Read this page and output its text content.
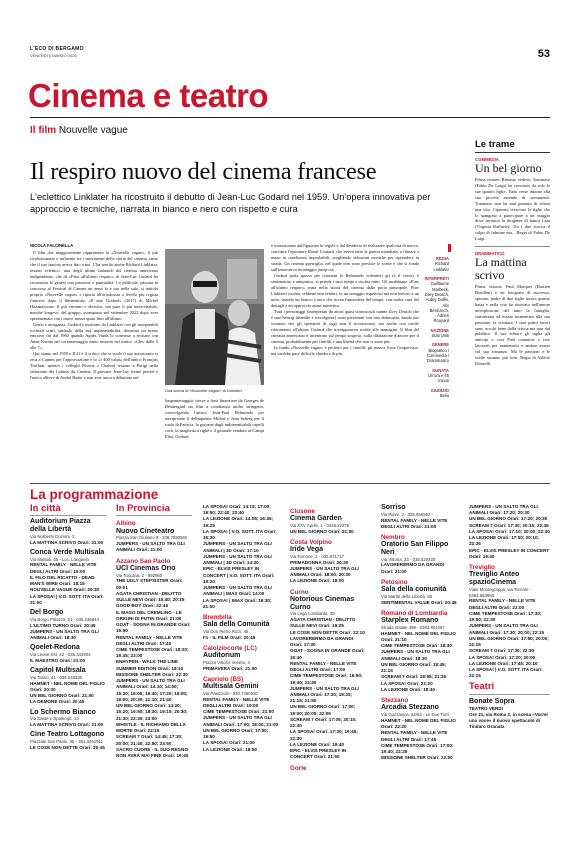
L'ECO DI BERGAMO
VENERDÌ 6 MARZO 2026	53
Cinema e teatro
Il film Nouvelle vague
Il respiro nuovo del cinema francese
L'eclettico Linklater ha ricostruito il debutto di Jean-Luc Godard nel 1959. Un'opera innovativa per approccio e tecniche, narrata in bianco e nero con rispetto e cura
NICOLA FALCINELLA

Il film che maggiormente rappresenta la «Nouvelle vague», il più rivoluzionario e influente tra i movimenti della storia del cinema, tanto che il suo fascino arriva fino a noi. L'ha sentito anche Richard Linklater, texano eclettico, uno degli ultimi baluardi del cinema americano indipendente, che di «Fino all'ultimo respiro» di Jean-Luc Godard ha ricostruito la genesi con passione e puntualità. La pellicola, passata in concorso al Festival di Cannes un anno fa e ora nelle sale, si intitola proprio «Nouvelle vague» e riporta all'ortodossia a livello più regista francese dopo il dimenticato «Il mio Godard» (2017) di Michel Hazanavicius. Il più estremo e divisivo, ma pure il più intercettabile, nonché longevo, del gruppo, scomparso nel settembre 2022 dopo aver sperimentato con i nuovi mezzi quasi fino all'ultimo.

Genio e arroganza, Godard è mostrato da Linklater con gli inseparabili occhiali scuri, simbolo della sua impenetrabilità, diventati un brano emotivo fin dal 1960 quando Agnès Varda lo convinse a recitare con Anna Karina nel cortometraggio muto inserito nel mitico «Cleo dalle 5 alle 7».

Qui siamo nel 1959 e JLG è il critico che si vuole il suo autoritratto si reca a Cannes per l'approvazione e lo «I 400 colpi» dell'amico François Truffaut, mentre i colleghi Rivette e Chabrol restano a Parigi nella redazione dei Cahiers du Cinéma. Il giovane Jean-Luc freme perché è l'unico allievo di André Bazin a non aver ancora debuttato nel

Una scena di «Nouvelle vague» di Linklater

lungometraggio: riesce a farsi finanziare da Georges de Beauregard un film a condizioni molto stringenti, coinvolgendo l'amico Jean-Paul Belmondo per interpretare il delinquente Michel e Jean Seberg per il ruolo di Patricia, la giovane dagli indimenticabili capelli corti, la maglietta a righe e il giornale venduto ai Campi Elisi. Godard

è ossessionato dall'ignorare le regole e dal desiderio di realizzare qualcosa di nuovo, convince l'operatore Raoul Coutard, che aveva fatto la guerra mondiale, a filmare a mano in condizioni improbabili, scegliendo soluzioni tecniche per riprendere in strada. Un cinema guerriglia, nel quale non sono previste le scene e che si fonda sull'innovativo montaggio jump-cut.

Godard parla spesso per citazioni (e Belmondo volentieri gli fa il verso), è sentenzioso e antipatico, si prende i suoi tempi e rischia tutto. Gli arrabbiano «Fino all'ultimo respiro» entra nella storia del cinema dalla porta principale. Pure Linklater rischia, sebbene non sembri, in un omaggio rispettoso ma non lezioso a un mito, usando un bianco e nero che ricrea l'atmosfera del tempo, con molta cura dei dettagli e un approccio quasi mimetico.

Tutti i personaggi (interpretati da attori quasi sconosciuti tranne Zoey Deutch che è una Seberg infantile e travolgente) sono presentati con una didascalia, dando per scontato che gli spettatori di oggi non li riconoscano, ma anche con sottile riferimento all'ultimo Godard che sovrapponeva scritte alle immagini. Il film del cineasta americano è incentrato sul tempo sospeso, sulla dilatazione d'amore per il cinema, probabilmente per cinefili e una libertà che non ci sono più.

In fondo «Nouvelle vague» è perfetto per i cinefili, gli manca forse l'imprevisto, ma sarebbe pure difficile chiedere di più.

REGIA
Richard Linklater
INTERPRETI
Guillaume Marbeck, Zoey Deutch, Aubry Dullin, Alix Bénézech, Adrien Rouyard
NAZIONE
Stati Uniti
GENERE
Biografico / Commedia / Drammatico
DURATA
Un'ora e 45 minuti
GIUDIZIO
Bello
Le trame
COMMEDIA
Un bel giorno
Prima visione. Rimasto vedovo, Tommaso (Fabio De Luigi) ha cresciuto da solo le sue quattro figlie. Tutto cesse intorno alla sua piccola azienda di serramenti. Tommaso non ha mai pensato di rifarsi una vita. Ciprenzo crescono le figlie che lo spingono a partecipare a un viaggio dove incontra la dirigente di banca Lara (Virginia Raffaele). Tra i due scocca il colpo di fulmine ma... Regia di Fabio De Luigi.
DRAMMATICO
La mattina scrivo
Prima visione. Paul Marquet (Bastien Bouillon) è un fotografo di successo, sposato, padre di due figlie lavora quanto basta e nella vita ha ritrovato nell'amore un'esplosione del tutto la famiglia, cominciata ad essere tormentato alla sua passione, la scrittura. I suoi primi lavori sono accolti bene dalla critica ma non dal pubblico. Il suo editore gli taglia gli anticipi e così Paul comincia a fare lavoretti per mantenersi e andare avanti col suo romanzo. Ma le passioni e le scelte saranno più forti. Regia di Valérie Donzelli.
La programmazione
In città
Auditorium Piazza della Libertà
Via Norberto Duzioni, 3
LA MATTINA SCRIVO Orari: 21:00
Conca Verde Multisala
Via Mattioli, 65 - Loc. Longuelo
RENTAL FAMILY - NELLE VITE DEGLI ALTRI Orari: 15:00
IL FILO DEL RICATTO - DEAD MAN'S WIRE Orari: 18:15
NOUVELLE VAGUE Orari: 20:30
LA SPOSA! | V.O. SOTT. ITA Orari: 21:00
Del Borgo
Via Borgo Palazzo, 51 - 035.236844
L'ULTIMO TURNO Orari: 20:45
JUMPERS - UN SALTO TRA GLI ANIMALI Orari: 18:30
Qoelet-Redona
Via Leone XIII, 22 - 035.343904
IL MAESTRO Orari: 21:00
Capitol Multisala
Via Tasso, 41 - 035.248330
HAMNET - NEL NOME DEL FIGLIO Orari: 20:30
UN BEL GIORNO Orari: 21:00
LA DEMONE Orari: 20:45
Lo Schermo Bianco
Via Daste e Spalenga, 13
LA MATTINA SCRIVO Orari: 21:00
Cine Teatro Lottagono
Piazzale San Paolo, 35 - 351.3261911
LE COSE NON DETTE Orari: 20:45
In Provincia
Albino
Nuovo Cineteatro
Piazza San Giuliano 9 - 338.7590560
JUMPERS - UN SALTO TRA GLI ANIMALI Orari: 21:00
Azzano San Paolo
UCI Cinemas Orio
Via Toscana, 2 - 892960
THE UGLY STEPSISTER Orari: 00:01
AGATA CHRISTIAN - DELITTO SULLE NEVI Orari: 15:40; 20:15
GOOD BOY Orari: 22:45
IL MAGO DEL CREMLINO - LE ORIGINI DI PUTIN Orari: 21:00
GOAT - SOGNA IN GRANDE Orari: 15:50
RENTAL FAMILY - NELLE VITE DEGLI ALTRI Orari: 17:40
CIME TEMPESTOSE Orari: 18:20; 19:45; 22:00
ENHYPEN - WALK THE LINE SUMMER EDITION Orari: 18:10
MISSIONE SHELTER Orari: 22:30
JUMPERS - UN SALTO TRA GLI ANIMALI Orari: 14:10; 14:50; 15:30; 16:00; 16:40; 17:20; 18:00; 19:00; 20:30; 21:10; 21:40
UN BEL GIORNO Orari: 14:20; 15:20; 16:50; 18:30; 19:15; 20:30; 21:30; 22:30; 23:00
WHISTLE - IL RICHIAMO DELLA MORTE Orari: 22:15
SCREAM 7 Orari: 14:45; 17:30; 20:00; 21:40; 22:50; 23:50
SACRO CUORE - IL SUO REGNO NON AVRÀ MAI FINE Orari: 19:40
LA SPOSA! Orari: 14:15; 17:00; 19:50; 22:40; 23:40
LA LEZIONE Orari: 14:05; 16:45; 19:25
LA SPOSA! | V.O. SOTT. ITA Orari: 16:30
JUMPERS - UN SALTO TRA GLI ANIMALI | 3D Orari: 17:10
JUMPERS - UN SALTO TRA GLI ANIMALI | 3D Orari: 14:30
EPIC - ELVIS PRESLEY IN CONCERT | V.O. SOTT. ITA Orari: 19:20
JUMPERS - UN SALTO TRA GLI ANIMALI | IMAX Orari: 14:00
LA SPOSA! | IMAX Orari: 16:30; 21:50
Brembilla
Sala della Comunità
Via Don Pietro Rizzi, 46
F1 - IL FILM Orari: 20:45
Calolziocorte (LC)
Auditorium
Piazza Vittorio Veneto, 3
PRIMAVERA Orari: 21:00
Capriolo (BS)
Multisala Gemini
Via Palazzolo - 030.7460530
RENTAL FAMILY - NELLE VITE DEGLI ALTRI Orari: 19:00
CIME TEMPESTOSE Orari: 21:00
JUMPERS - UN SALTO TRA GLI ANIMALI Orari: 17:00; 18:00; 21:00
UN BEL GIORNO Orari: 17:00; 19:50
LA SPOSA! Orari: 21:00
LA LEZIONE Orari: 18:50
Clusone
Cinema Garden
Via XXV Aprile, 1 - 0346.22275
UN BEL GIORNO Orari: 21:00
Costa Volpino
Iride Vega
Via Torrione, 2 - 035.971717
PRIMADONNA Orari: 20:30
JUMPERS - UN SALTO TRA GLI ANIMALI Orari: 18:00; 20:30
LA LEZIONE Orari: 18:00
Curno
Notorious Cinemas Curno
Via Lega Lombarda, 39
AGATA CHRISTIAN - DELITTO SULLE NEVI Orari: 19:25
LE COSE NON DETTE Orari: 22:10
LAVORERERMO DA GRANDI Orari: 17:30
GOAT - SOGNA IN GRANDE Orari: 16:40
RENTAL FAMILY - NELLE VITE DEGLI ALTRI Orari: 17:00
CIME TEMPESTOSE Orari: 16:50; 19:40; 22:30
JUMPERS - UN SALTO TRA GLI ANIMALI Orari: 17:20; 19:25; 21:15; 21:50
UN BEL GIORNO Orari: 17:00; 19:00; 20:00; 22:05
SCREAM 7 Orari: 17:05; 20:10; 22:40
LA SPOSA! Orari: 17:30; 19:45; 22:30
LA LEZIONE Orari: 19:40
EPIC - ELVIS PRESLEY IN CONCERT Orari: 21:50
Gorle
Sorriso
Via Piave, 2 - 035.656962 -
RENTAL FAMILY - NELLE VITE DEGLI ALTRI Orari: 21:00
Nembro
Oratorio San Filippo Neri
Via Vittoria, 33 - 035.520420
LAVORERERMO DA GRANDI Orari: 21:00
Petosino
Sala della comunità
Via Martiri della Libertà, 95
SENTIMENTAL VALUE Orari: 20:45
Romano di Lombardia
Starplex Romano
Strada statale 498 - 0363.901297
HAMNET - NEL NOME DEL FIGLIO Orari: 21:10
CIME TEMPESTOSE Orari: 18:30
JUMPERS - UN SALTO TRA GLI ANIMALI Orari: 18:30
UN BEL GIORNO Orari: 18:45; 21:15
SCREAM 7 Orari: 18:55; 21:25
LA SPOSA! Orari: 21:20
LA LEZIONE Orari: 18:40
Stezzano
Arcadia Stezzano
Via Guzzanica, 62/64 - Le Due Torri
HAMNET - NEL NOME DEL FIGLIO Orari: 22:20
RENTAL FAMILY - NELLE VITE DEGLI ALTRI Orari: 17:45
CIME TEMPESTOSE Orari: 17:00; 19:40; 22:25
MISSIONE SHELTER Orari: 22:50
JUMPERS - UN SALTO TRA GLI ANIMALI Orari: 17:20; 20:30
UN BEL GIORNO Orari: 17:20; 20:30
SCREAM 7 Orari: 17:30; 20:15; 22:45
LA SPOSA! Orari: 17:10; 20:00; 22:40
LA LEZIONE Orari: 17:50; 20:10; 22:35
EPIC - ELVIS PRESLEY IN CONCERT Orari: 19:40
Treviglio
Treviglio Anteo spazioCinema
Viale Montegrappa, via Torriani - 0363.563660
RENTAL FAMILY - NELLE VITE DEGLI ALTRI Orari: 22:00
CIME TEMPESTOSE Orari: 17:30; 19:50; 22:30
JUMPERS - UN SALTO TRA GLI ANIMALI Orari: 17:30; 20:00; 22:15
UN BEL GIORNO Orari: 17:50; 20:00; 22:15
SCREAM 7 Orari: 17:30; 22:30
LA SPOSA! Orari: 17:20; 20:00
LA LEZIONE Orari: 17:45; 20:10
LA SPOSA! | V.O. SOTT. ITA Orari: 22:15
Teatri
Bonate Sopra
TEATRO VERDI
Ore 21, via Roma 2, in scena «Vorrei una voce» il nuovo spettacolo di Tindaro Granata
